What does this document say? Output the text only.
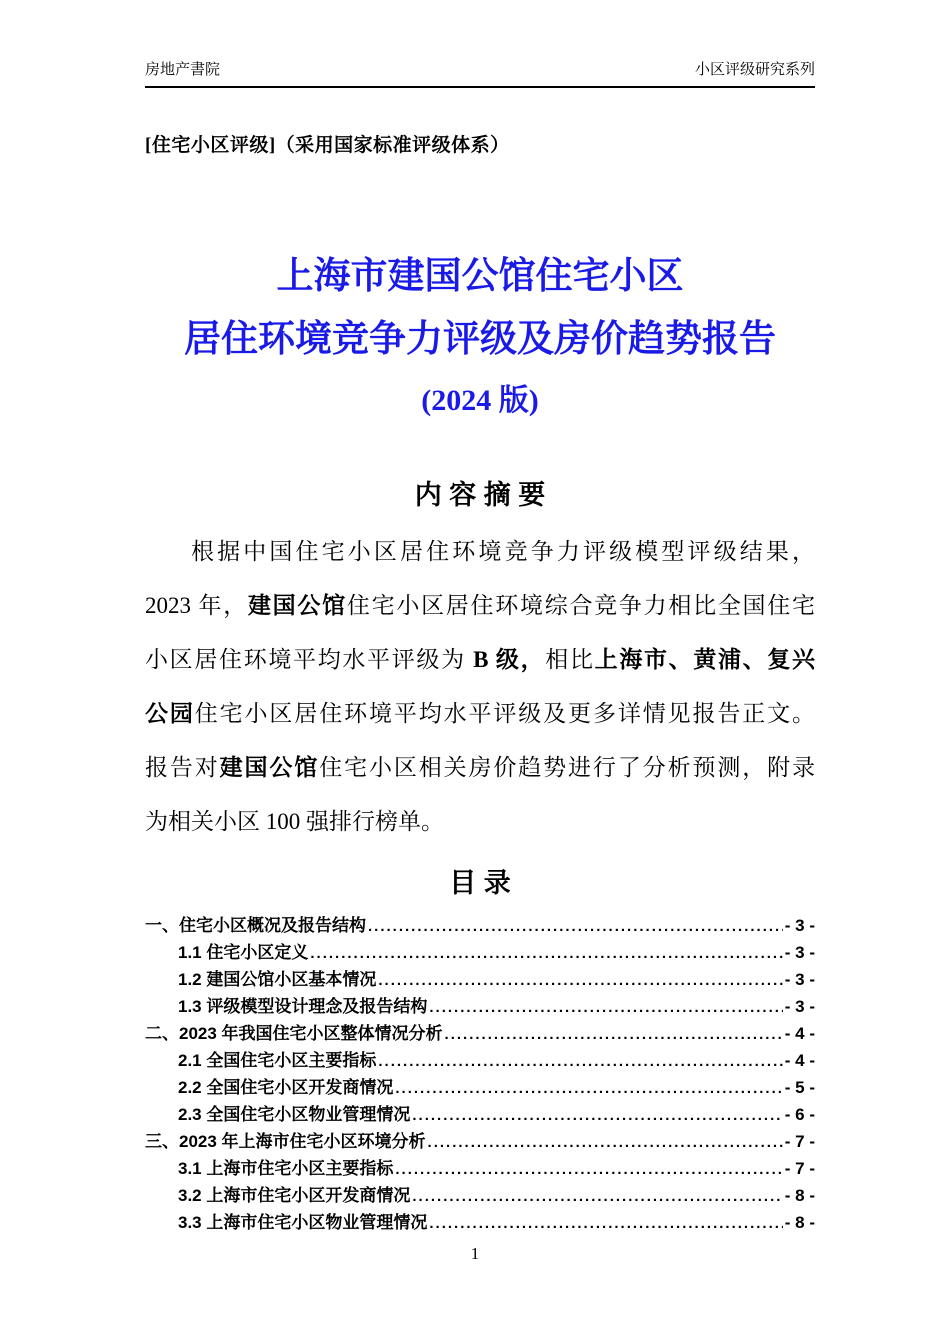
房地产書院	小区评级研究系列
[住宅小区评级]（采用国家标准评级体系）
上海市建国公馆住宅小区
居住环境竞争力评级及房价趋势报告
(2024 版)
内 容 摘 要
根据中国住宅小区居住环境竞争力评级模型评级结果，
2023 年，建国公馆住宅小区居住环境综合竞争力相比全国住宅
小区居住环境平均水平评级为 B 级，相比上海市、黄浦、复兴
公园住宅小区居住环境平均水平评级及更多详情见报告正文。
报告对建国公馆住宅小区相关房价趋势进行了分析预测，附录
为相关小区 100 强排行榜单。
目 录
一、住宅小区概况及报告结构 .....	- 3 -
1.1 住宅小区定义 .....	- 3 -
1.2 建国公馆小区基本情况 .....	- 3 -
1.3 评级模型设计理念及报告结构 .....	- 3 -
二、2023 年我国住宅小区整体情况分析 .....	- 4 -
2.1 全国住宅小区主要指标 .....	- 4 -
2.2 全国住宅小区开发商情况 .....	- 5 -
2.3 全国住宅小区物业管理情况 .....	- 6 -
三、2023 年上海市住宅小区环境分析 .....	- 7 -
3.1 上海市住宅小区主要指标 .....	- 7 -
3.2 上海市住宅小区开发商情况 .....	- 8 -
3.3 上海市住宅小区物业管理情况 .....	- 8 -
1
